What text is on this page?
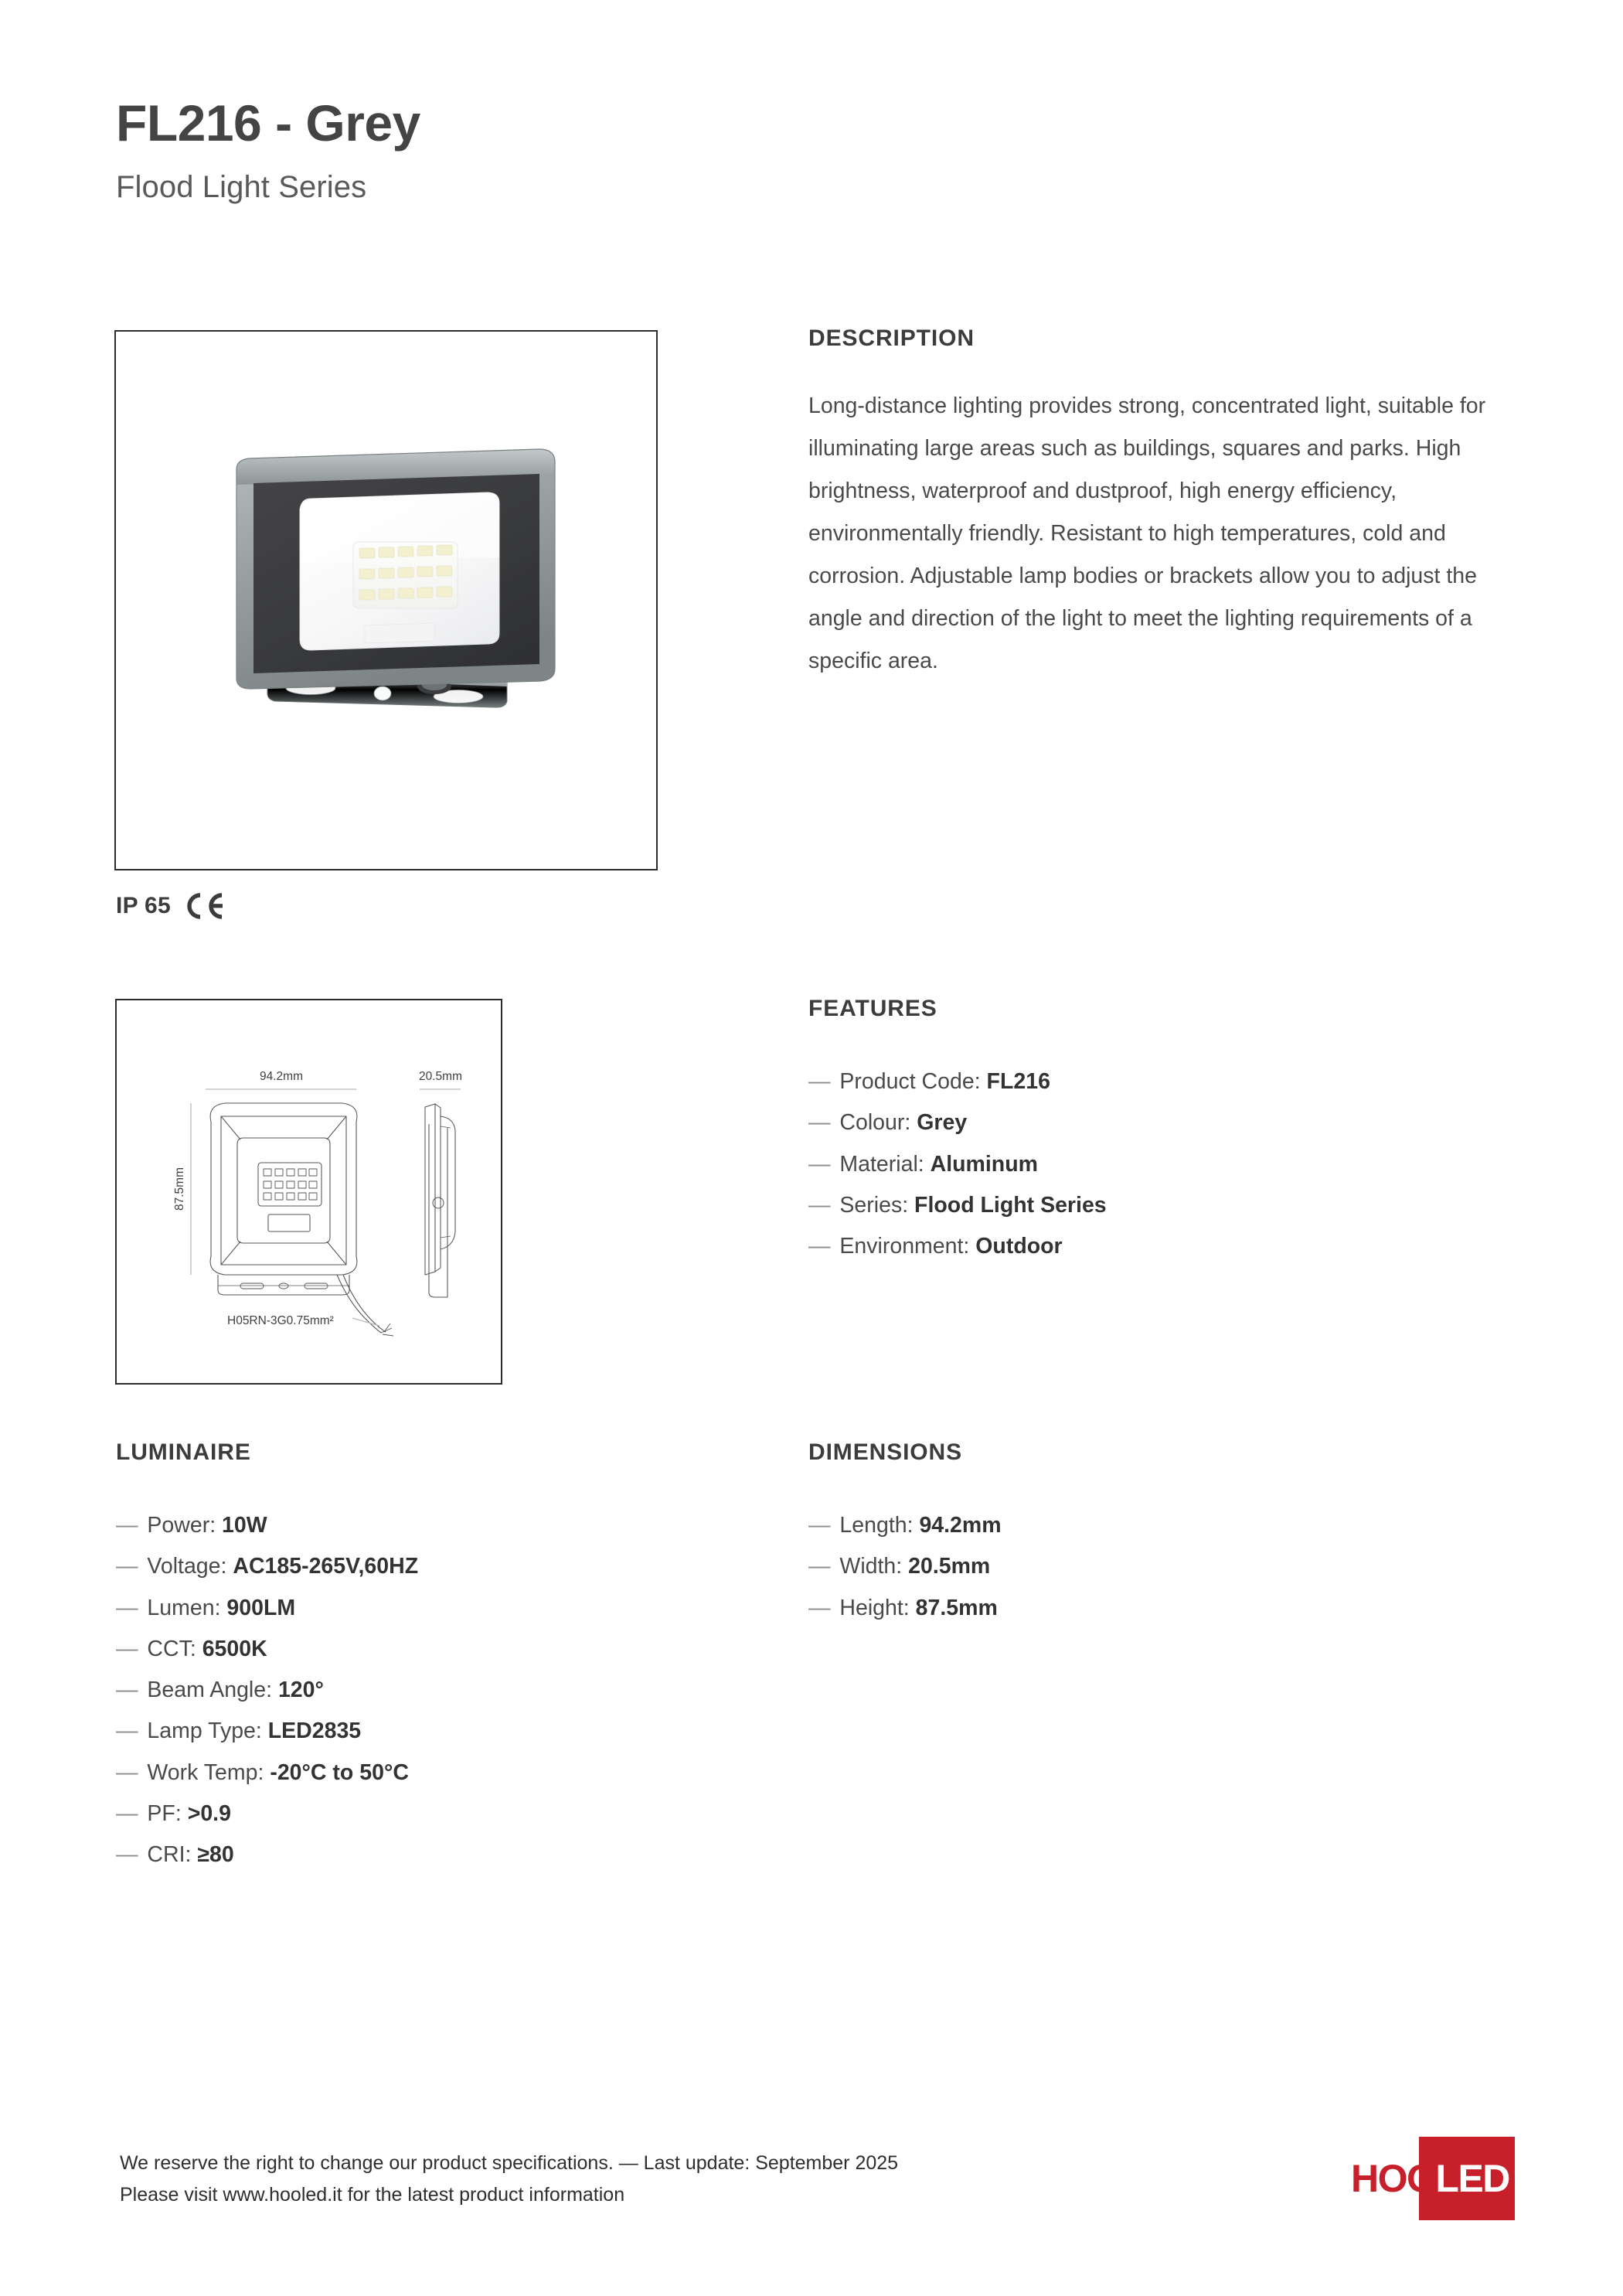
FL216 - Grey
Flood Light Series
IP 65
94.2mm	20.5mm
87.5mm
H05RN-3G0.75mm²
DESCRIPTION

Long-distance lighting provides strong, concentrated light, suitable for illuminating large areas such as buildings, squares and parks. High brightness, waterproof and dustproof, high energy efficiency, environmentally friendly. Resistant to high temperatures, cold and corrosion. Adjustable lamp bodies or brackets allow you to adjust the angle and direction of the light to meet the lighting requirements of a specific area.

FEATURES
— Product Code: FL216
— Colour: Grey
— Material: Aluminum
— Series: Flood Light Series
— Environment: Outdoor
LUMINAIRE
— Power: 10W
— Voltage: AC185-265V,60HZ
— Lumen: 900LM
— CCT: 6500K
— Beam Angle: 120°
— Lamp Type: LED2835
— Work Temp: -20°C to 50°C
— PF: >0.9
— CRI: ≥80
DIMENSIONS
— Length: 94.2mm
— Width: 20.5mm
— Height: 87.5mm
We reserve the right to change our product specifications. — Last update: September 2025
Please visit www.hooled.it for the latest product information	HOOLED
